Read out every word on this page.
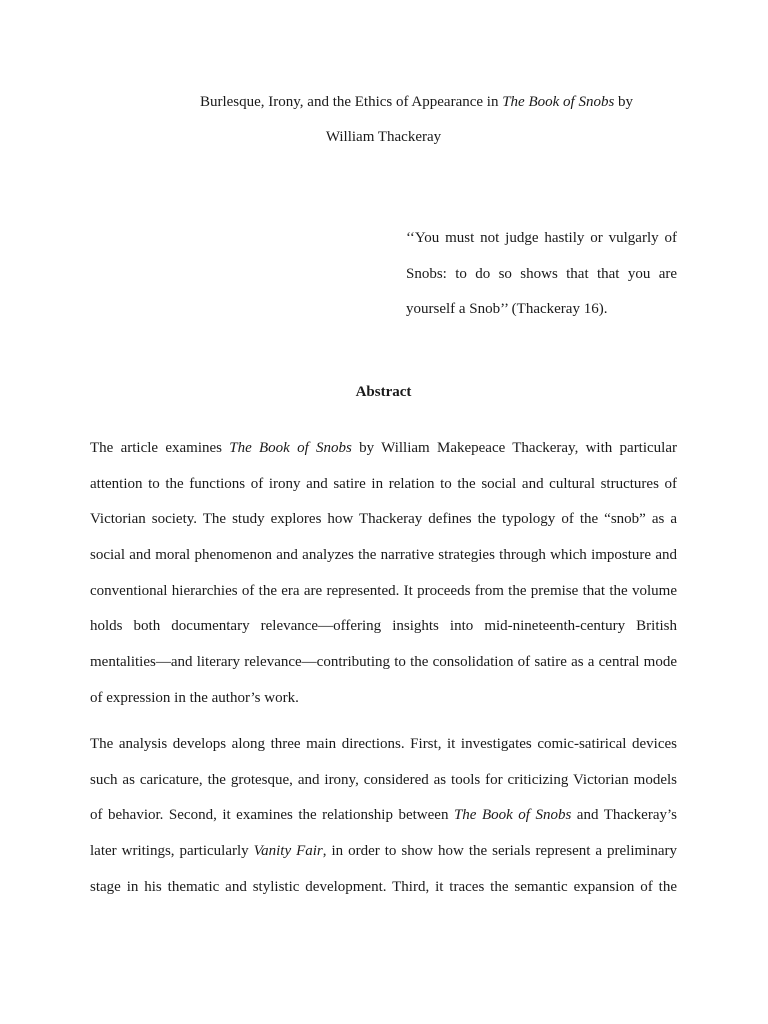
Burlesque, Irony, and the Ethics of Appearance in The Book of Snobs by
William Thackeray
‘‘You must not judge hastily or vulgarly of
Snobs: to do so shows that that you are
yourself a Snob’’ (Thackeray 16).
Abstract
The article examines The Book of Snobs by William Makepeace Thackeray, with particular
attention to the functions of irony and satire in relation to the social and cultural structures of
Victorian society. The study explores how Thackeray defines the typology of the “snob” as a
social and moral phenomenon and analyzes the narrative strategies through which imposture and
conventional hierarchies of the era are represented. It proceeds from the premise that the volume
holds both documentary relevance—offering insights into mid-nineteenth-century British
mentalities—and literary relevance—contributing to the consolidation of satire as a central mode
of expression in the author’s work.
The analysis develops along three main directions. First, it investigates comic-satirical devices
such as caricature, the grotesque, and irony, considered as tools for criticizing Victorian models
of behavior. Second, it examines the relationship between The Book of Snobs and Thackeray’s
later writings, particularly Vanity Fair, in order to show how the serials represent a preliminary
stage in his thematic and stylistic development. Third, it traces the semantic expansion of the
